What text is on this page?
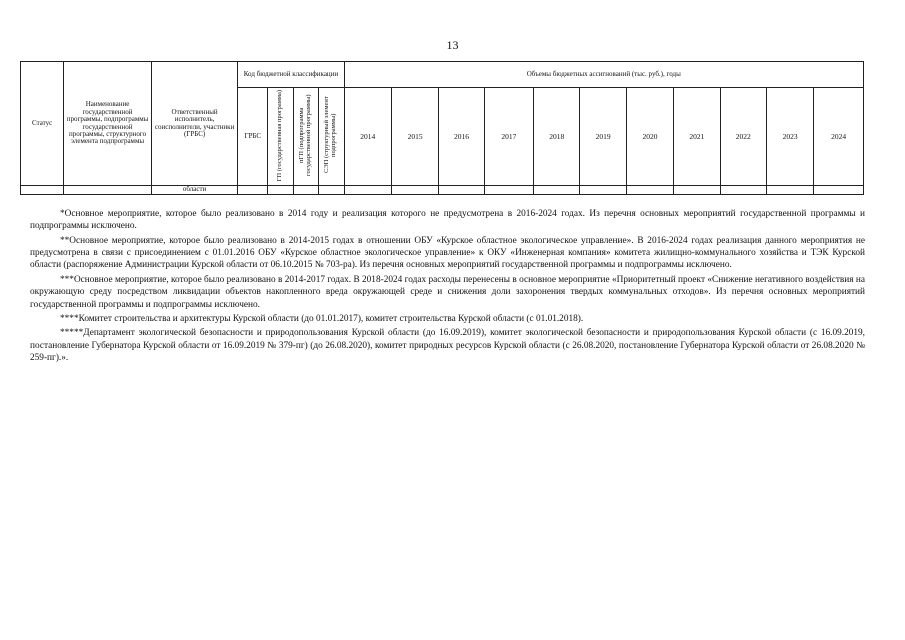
13
Статус	Наименование государственной программы, подпрограммы государственной программы, структурного элемента подпрограммы	Ответственный исполнитель, соисполнители, участники (ГРБС)	Код бюджетной классификации				Объемы бюджетных ассигнований (тыс. руб.), годы										
			ГРБС	ГП (государственная программа)	пГП (подпрограмма государственной программы)	СЭП (структурный элемент подпрограммы)	2014	2015	2016	2017	2018	2019	2020	2021	2022	2023	2024
		области															

*Основное мероприятие, которое было реализовано в 2014 году и реализация которого не предусмотрена в 2016-2024 годах. Из перечня основных мероприятий государственной программы и подпрограммы исключено.

**Основное мероприятие, которое было реализовано в 2014-2015 годах в отношении ОБУ «Курское областное экологическое управление». В 2016-2024 годах реализация данного мероприятия не предусмотрена в связи с присоединением с 01.01.2016 ОБУ «Курское областное экологическое управление» к ОКУ «Инженерная компания» комитета жилищно-коммунального хозяйства и ТЭК Курской области (распоряжение Администрации Курской области от 06.10.2015 № 703-ра). Из перечня основных мероприятий государственной программы и подпрограммы исключено.

***Основное мероприятие, которое было реализовано в 2014-2017 годах. В 2018-2024 годах расходы перенесены в основное мероприятие «Приоритетный проект «Снижение негативного воздействия на окружающую среду посредством ликвидации объектов накопленного вреда окружающей среде и снижения доли захоронения твердых коммунальных отходов». Из перечня основных мероприятий государственной программы и подпрограммы исключено.

****Комитет строительства и архитектуры Курской области (до 01.01.2017), комитет строительства Курской области (с 01.01.2018).

*****Департамент экологической безопасности и природопользования Курской области (до 16.09.2019), комитет экологической безопасности и природопользования Курской области (с 16.09.2019, постановление Губернатора Курской области от 16.09.2019 № 379-пг) (до 26.08.2020), комитет природных ресурсов Курской области (с 26.08.2020, постановление Губернатора Курской области от 26.08.2020 № 259-пг).».
